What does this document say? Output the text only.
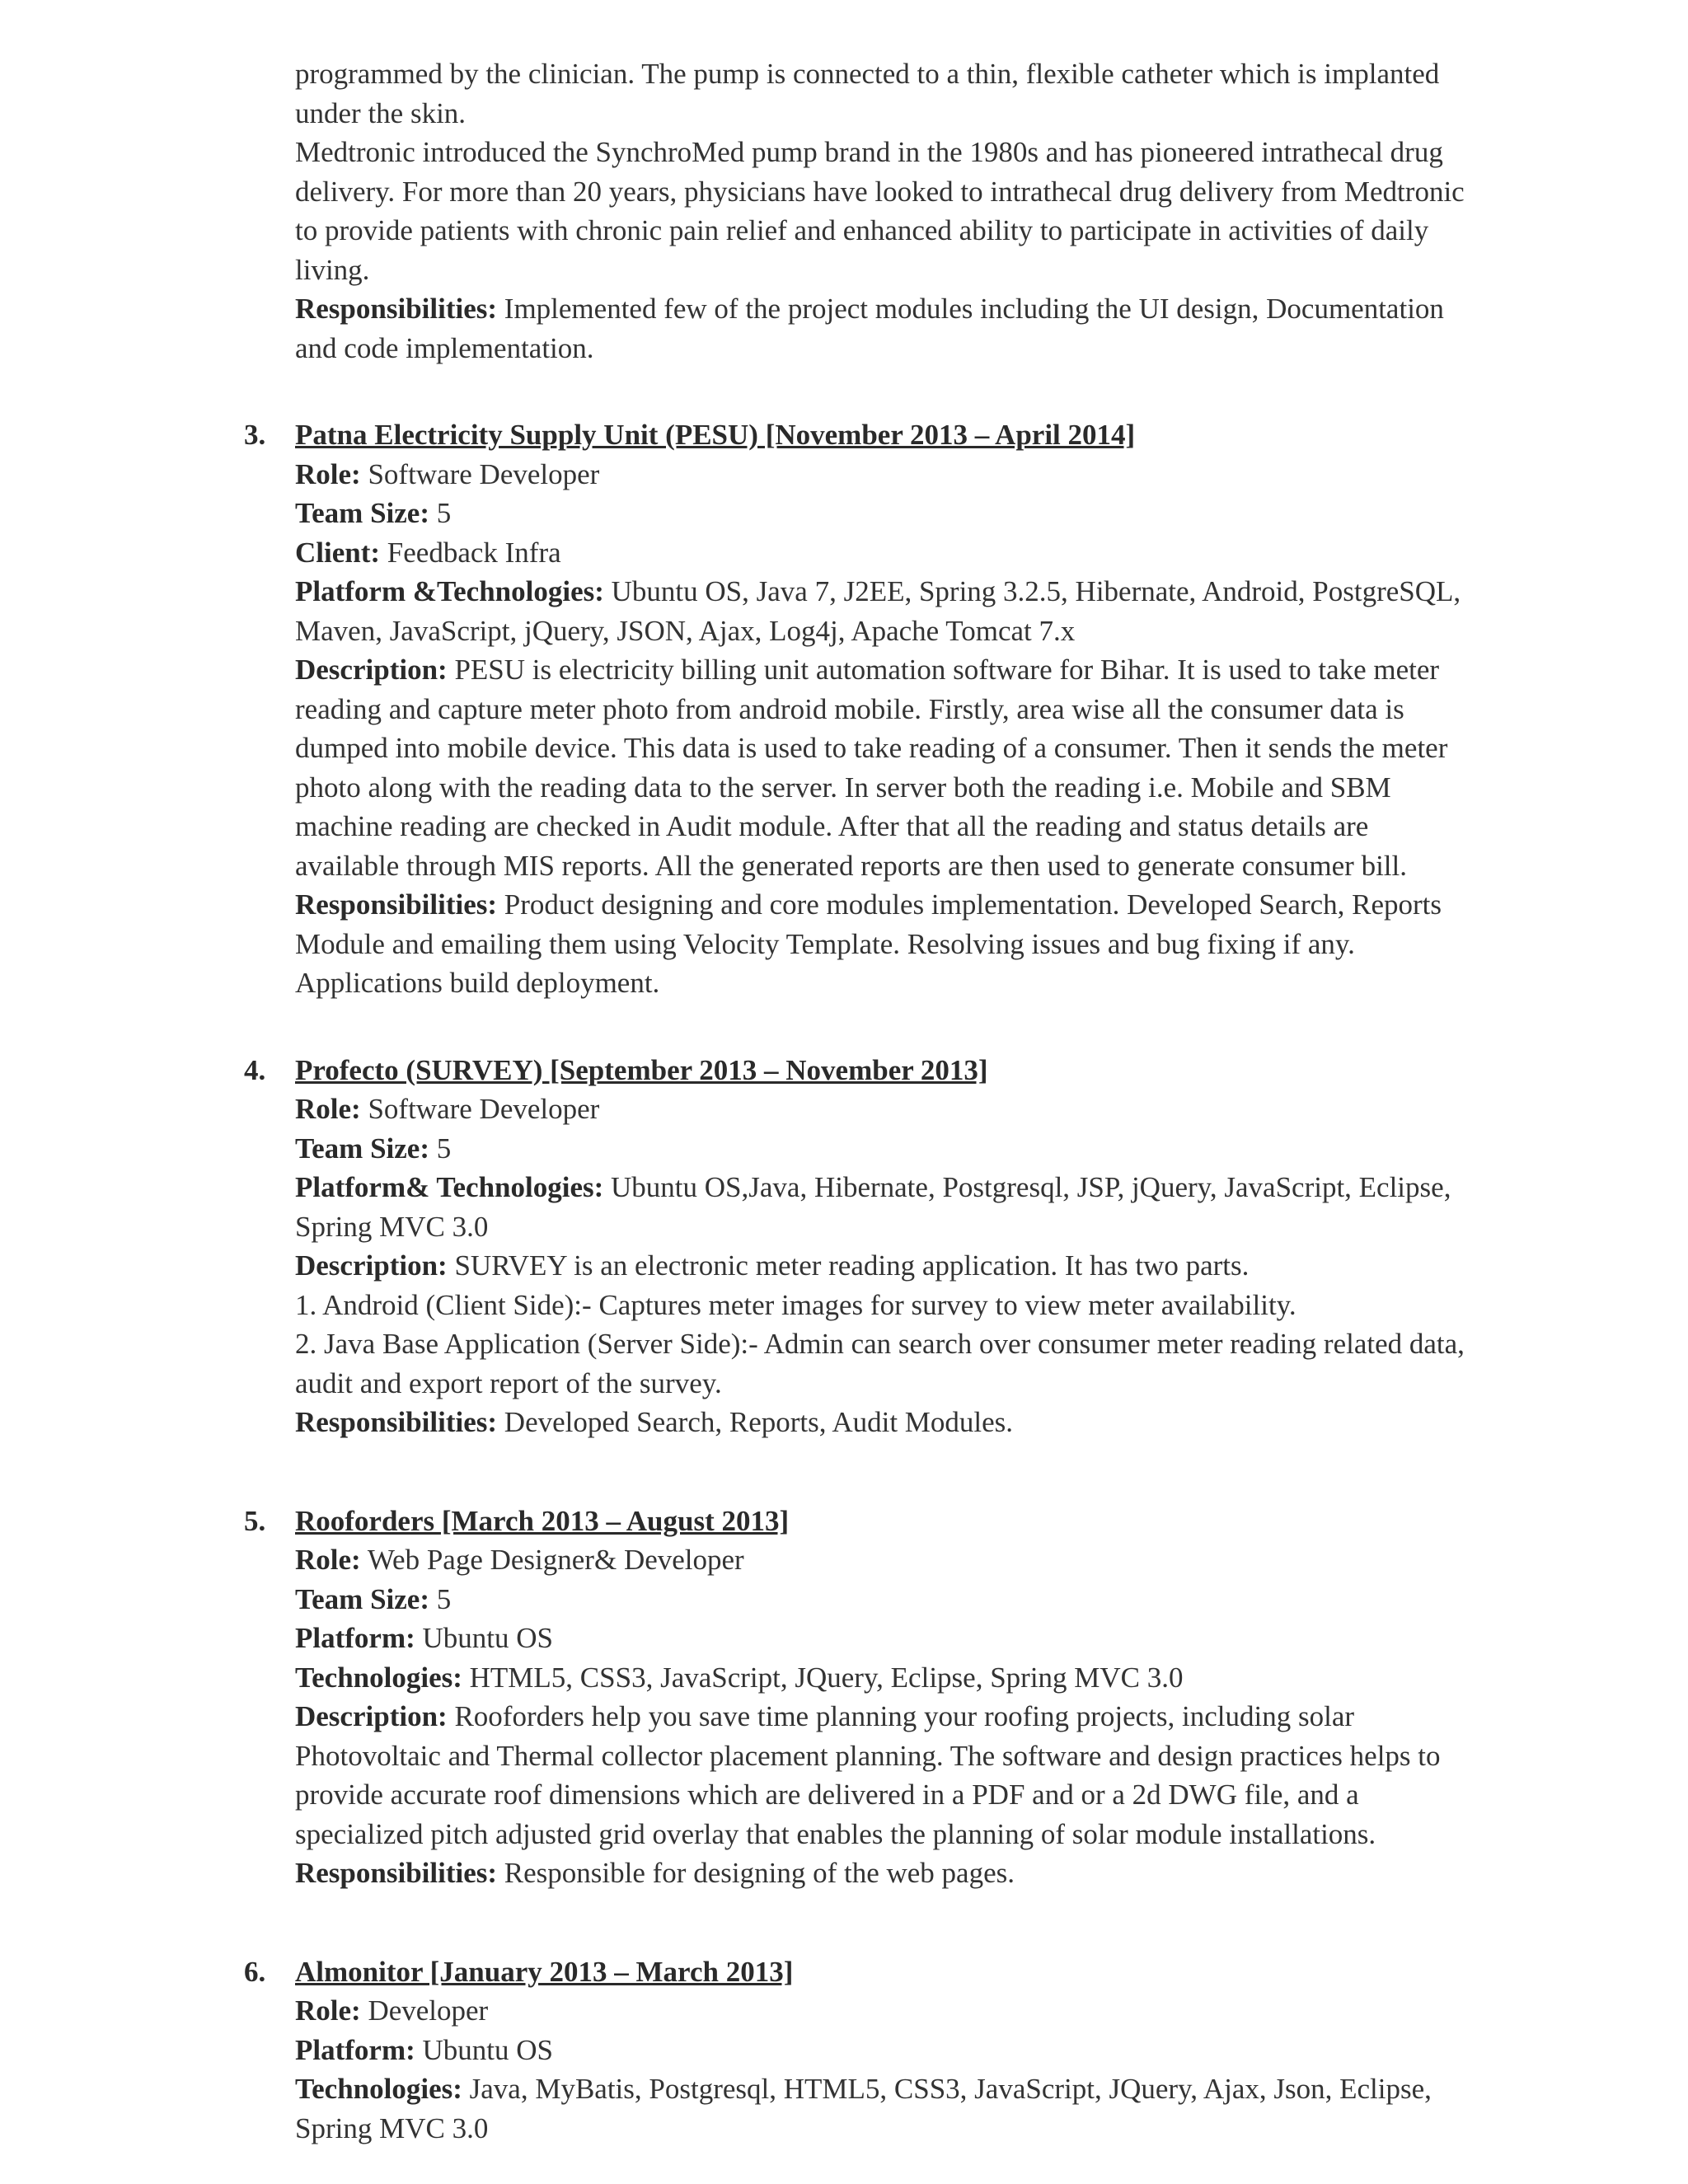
programmed by the clinician. The pump is connected to a thin, flexible catheter which is implanted under the skin.

Medtronic introduced the SynchroMed pump brand in the 1980s and has pioneered intrathecal drug delivery. For more than 20 years, physicians have looked to intrathecal drug delivery from Medtronic to provide patients with chronic pain relief and enhanced ability to participate in activities of daily living.

Responsibilities: Implemented few of the project modules including the UI design, Documentation and code implementation.

3. Patna Electricity Supply Unit (PESU) [November 2013 – April 2014]
Role: Software Developer
Team Size: 5
Client: Feedback Infra
Platform &Technologies: Ubuntu OS, Java 7, J2EE, Spring 3.2.5, Hibernate, Android, PostgreSQL, Maven, JavaScript, jQuery, JSON, Ajax, Log4j, Apache Tomcat 7.x
Description: PESU is electricity billing unit automation software for Bihar. It is used to take meter reading and capture meter photo from android mobile. Firstly, area wise all the consumer data is dumped into mobile device. This data is used to take reading of a consumer. Then it sends the meter photo along with the reading data to the server. In server both the reading i.e. Mobile and SBM machine reading are checked in Audit module. After that all the reading and status details are available through MIS reports. All the generated reports are then used to generate consumer bill.
Responsibilities: Product designing and core modules implementation. Developed Search, Reports Module and emailing them using Velocity Template. Resolving issues and bug fixing if any. Applications build deployment.
4. Profecto (SURVEY) [September 2013 – November 2013]
Role: Software Developer
Team Size: 5
Platform& Technologies: Ubuntu OS,Java, Hibernate, Postgresql, JSP, jQuery, JavaScript, Eclipse, Spring MVC 3.0
Description: SURVEY is an electronic meter reading application. It has two parts.
1. Android (Client Side):- Captures meter images for survey to view meter availability.
2. Java Base Application (Server Side):- Admin can search over consumer meter reading related data, audit and export report of the survey.
Responsibilities: Developed Search, Reports, Audit Modules.
5. Rooforders [March 2013 – August 2013]
Role: Web Page Designer& Developer
Team Size: 5
Platform: Ubuntu OS
Technologies: HTML5, CSS3, JavaScript, JQuery, Eclipse, Spring MVC 3.0
Description: Rooforders help you save time planning your roofing projects, including solar Photovoltaic and Thermal collector placement planning. The software and design practices helps to provide accurate roof dimensions which are delivered in a PDF and or a 2d DWG file, and a specialized pitch adjusted grid overlay that enables the planning of solar module installations.
Responsibilities: Responsible for designing of the web pages.
6. Almonitor [January 2013 – March 2013]
Role: Developer
Platform: Ubuntu OS
Technologies: Java, MyBatis, Postgresql, HTML5, CSS3, JavaScript, JQuery, Ajax, Json, Eclipse, Spring MVC 3.0
